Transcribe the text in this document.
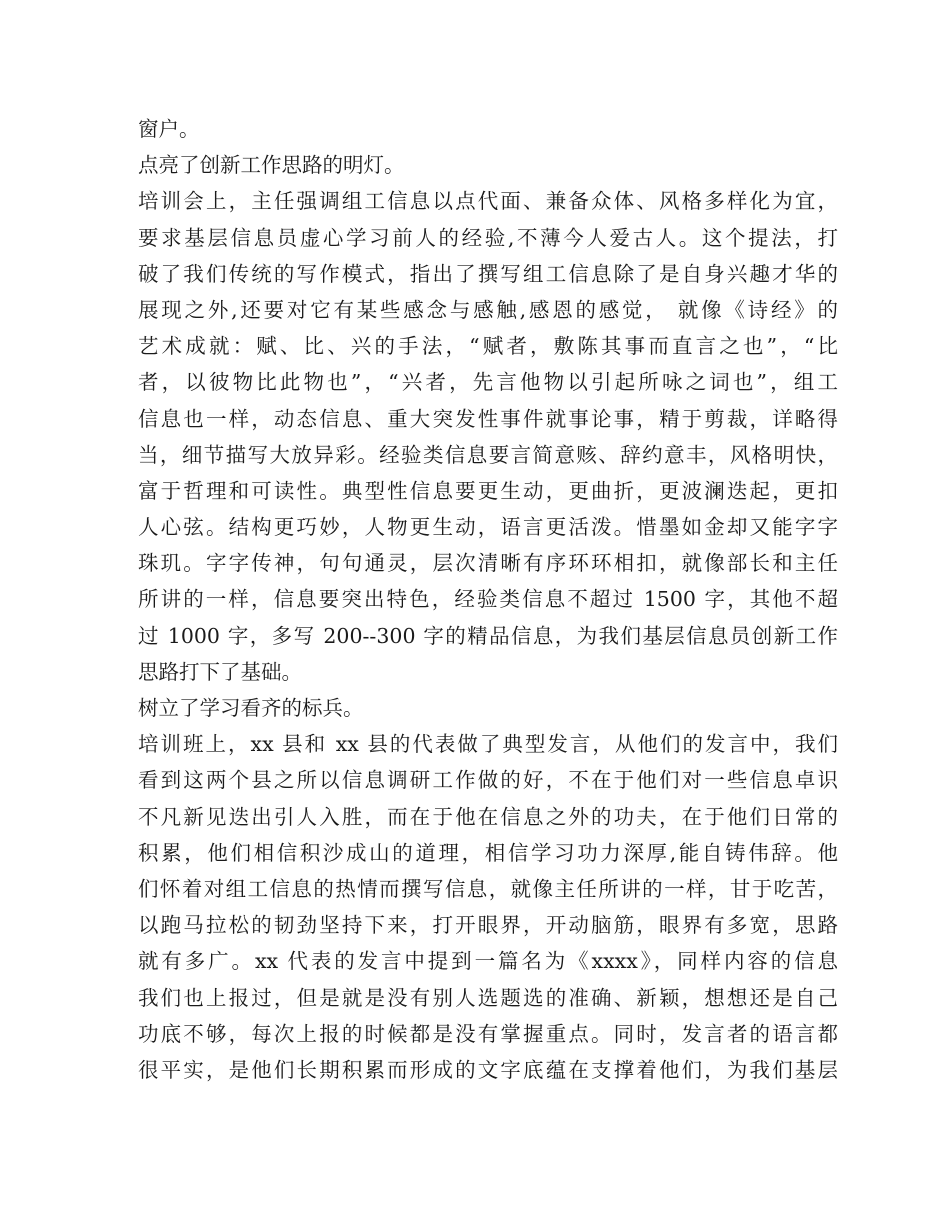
窗户。
点亮了创新工作思路的明灯。
培训会上，主任强调组工信息以点代面、兼备众体、风格多样化为宜，
要求基层信息员虚心学习前人的经验,不薄今人爱古人。这个提法，打
破了我们传统的写作模式，指出了撰写组工信息除了是自身兴趣才华的
展现之外,还要对它有某些感念与感触,感恩的感觉， 就像《诗经》的
艺术成就：赋、比、兴的手法，“赋者，敷陈其事而直言之也”，“比
者，以彼物比此物也”，“兴者，先言他物以引起所咏之词也”，组工
信息也一样，动态信息、重大突发性事件就事论事，精于剪裁，详略得
当，细节描写大放异彩。经验类信息要言简意赅、辞约意丰，风格明快，
富于哲理和可读性。典型性信息要更生动，更曲折，更波澜迭起，更扣
人心弦。结构更巧妙，人物更生动，语言更活泼。惜墨如金却又能字字
珠玑。字字传神，句句通灵，层次清晰有序环环相扣，就像部长和主任
所讲的一样，信息要突出特色，经验类信息不超过 1500 字，其他不超
过 1000 字，多写 200--300 字的精品信息，为我们基层信息员创新工作
思路打下了基础。
树立了学习看齐的标兵。
培训班上，xx 县和 xx 县的代表做了典型发言，从他们的发言中，我们
看到这两个县之所以信息调研工作做的好，不在于他们对一些信息卓识
不凡新见迭出引人入胜，而在于他在信息之外的功夫，在于他们日常的
积累，他们相信积沙成山的道理，相信学习功力深厚,能自铸伟辞。他
们怀着对组工信息的热情而撰写信息，就像主任所讲的一样，甘于吃苦，
以跑马拉松的韧劲坚持下来，打开眼界，开动脑筋，眼界有多宽，思路
就有多广。xx 代表的发言中提到一篇名为《xxxx》，同样内容的信息
我们也上报过，但是就是没有别人选题选的准确、新颖，想想还是自己
功底不够，每次上报的时候都是没有掌握重点。同时，发言者的语言都
很平实，是他们长期积累而形成的文字底蕴在支撑着他们，为我们基层
